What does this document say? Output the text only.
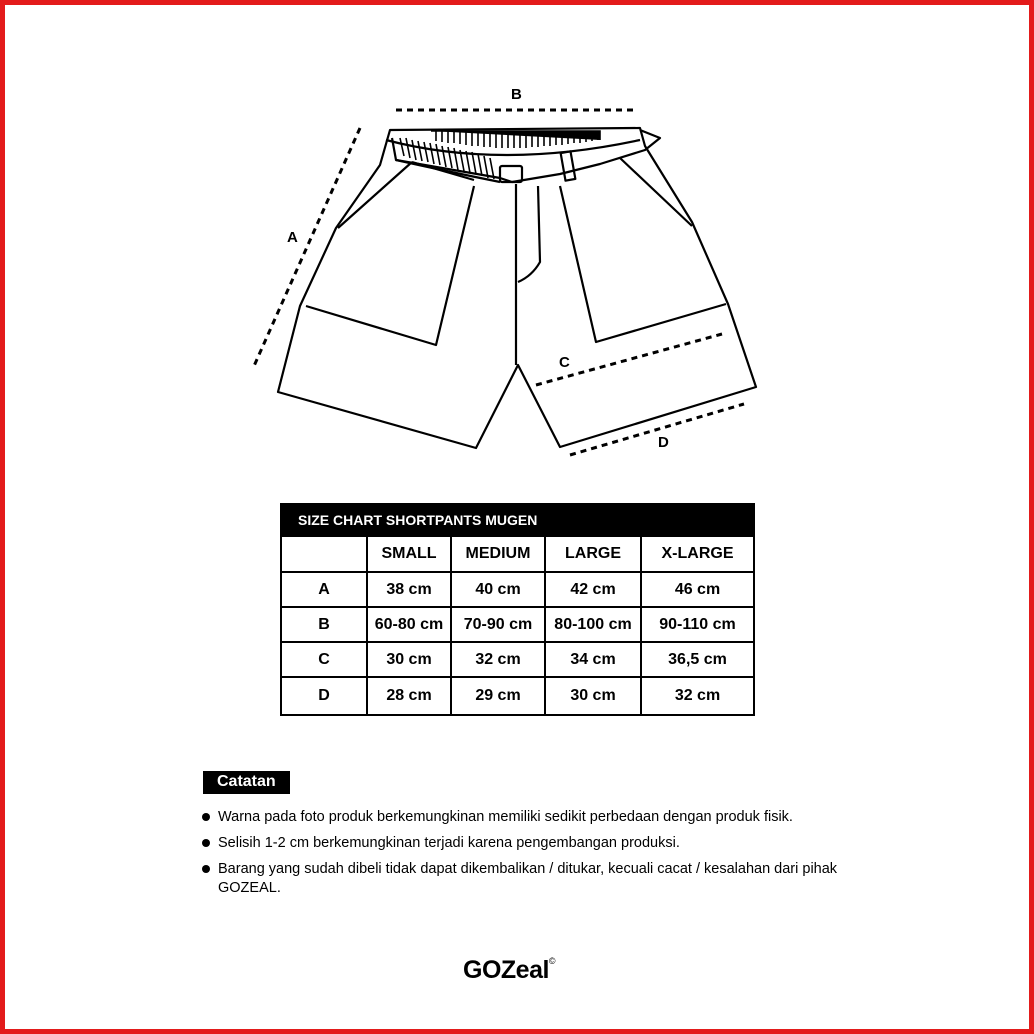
B
A
C
D
SIZE CHART SHORTPANTS MUGEN				
	SMALL	MEDIUM	LARGE	X-LARGE
A	38 cm	40 cm	42 cm	46 cm
B	60-80 cm	70-90 cm	80-100 cm	90-110 cm
C	30 cm	32 cm	34 cm	36,5 cm
D	28 cm	29 cm	30 cm	32 cm
Catatan
Warna pada foto produk berkemungkinan memiliki sedikit perbedaan dengan produk fisik.
Selisih 1-2 cm berkemungkinan terjadi karena pengembangan produksi.
Barang yang sudah dibeli tidak dapat dikembalikan / ditukar, kecuali cacat / kesalahan dari pihak GOZEAL.
GOZeal©
